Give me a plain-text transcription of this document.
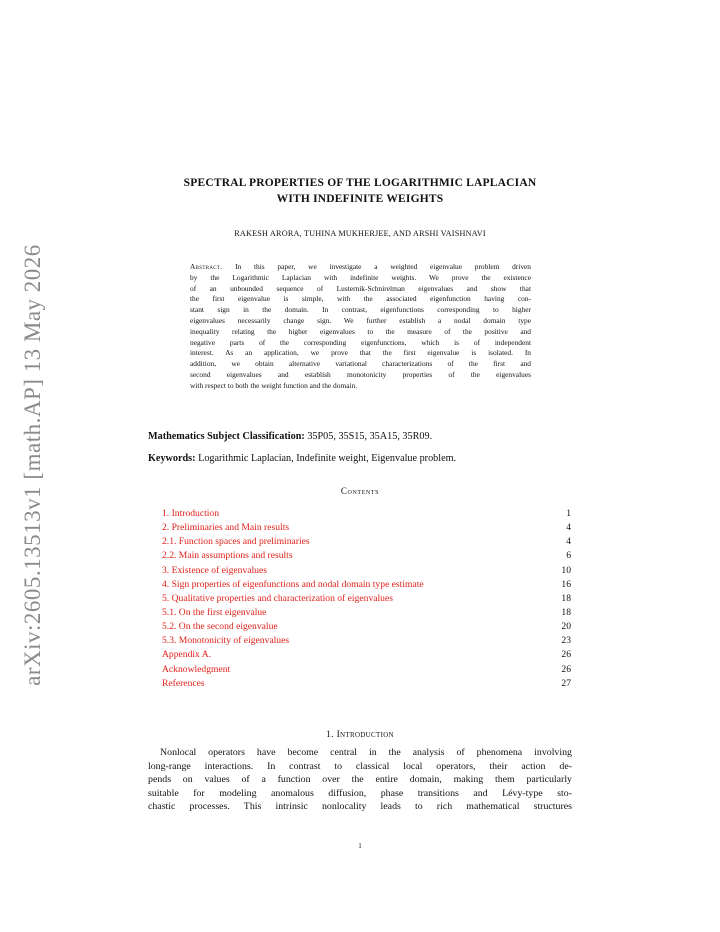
arXiv:2605.13513v1 [math.AP] 13 May 2026
SPECTRAL PROPERTIES OF THE LOGARITHMIC LAPLACIAN
WITH INDEFINITE WEIGHTS
RAKESH ARORA, TUHINA MUKHERJEE, AND ARSHI VAISHNAVI
Abstract. In this paper, we investigate a weighted eigenvalue problem driven
by the Logarithmic Laplacian with indefinite weights. We prove the existence
of an unbounded sequence of Lusternik-Schnirelman eigenvalues and show that
the first eigenvalue is simple, with the associated eigenfunction having con-
stant sign in the domain. In contrast, eigenfunctions corresponding to higher
eigenvalues necessarily change sign. We further establish a nodal domain type
inequality relating the higher eigenvalues to the measure of the positive and
negative parts of the corresponding eigenfunctions, which is of independent
interest. As an application, we prove that the first eigenvalue is isolated. In
addition, we obtain alternative variational characterizations of the first and
second eigenvalues and establish monotonicity properties of the eigenvalues
with respect to both the weight function and the domain.
Mathematics Subject Classification: 35P05, 35S15, 35A15, 35R09.
Keywords: Logarithmic Laplacian, Indefinite weight, Eigenvalue problem.
Contents
1. Introduction	1
2. Preliminaries and Main results	4
2.1. Function spaces and preliminaries	4
2.2. Main assumptions and results	6
3. Existence of eigenvalues	10
4. Sign properties of eigenfunctions and nodal domain type estimate	16
5. Qualitative properties and characterization of eigenvalues	18
5.1. On the first eigenvalue	18
5.2. On the second eigenvalue	20
5.3. Monotonicity of eigenvalues	23
Appendix A.	26
Acknowledgment	26
References	27
1. Introduction
Nonlocal operators have become central in the analysis of phenomena involving
long-range interactions. In contrast to classical local operators, their action de-
pends on values of a function over the entire domain, making them particularly
suitable for modeling anomalous diffusion, phase transitions and Lévy-type sto-
chastic processes. This intrinsic nonlocality leads to rich mathematical structures
1
